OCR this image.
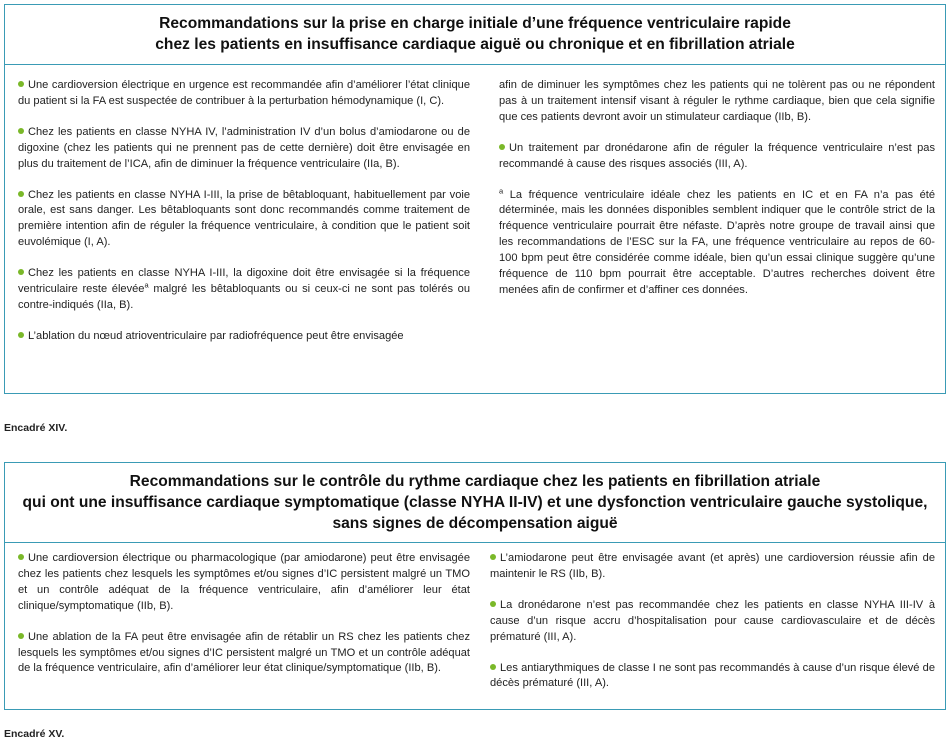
Recommandations sur la prise en charge initiale d’une fréquence ventriculaire rapide
chez les patients en insuffisance cardiaque aiguë ou chronique et en fibrillation atriale

Une cardioversion électrique en urgence est recommandée afin d’améliorer l’état clinique du patient si la FA est suspectée de contribuer à la perturbation hémodynamique (I, C).

Chez les patients en classe NYHA IV, l’administration IV d’un bolus d’amiodarone ou de digoxine (chez les patients qui ne prennent pas de cette dernière) doit être envisagée en plus du traitement de l’ICA, afin de diminuer la fréquence ventriculaire (IIa, B).

Chez les patients en classe NYHA I-III, la prise de bêtabloquant, habituellement par voie orale, est sans danger. Les bêtabloquants sont donc recommandés comme traitement de première intention afin de réguler la fréquence ventriculaire, à condition que le patient soit euvolémique (I, A).

Chez les patients en classe NYHA I-III, la digoxine doit être envisagée si la fréquence ventriculaire reste élevée$^a$ malgré les bêtabloquants ou si ceux-ci ne sont pas tolérés ou contre-indiqués (IIa, B).

L’ablation du nœud atrioventriculaire par radiofréquence peut être envisagée

afin de diminuer les symptômes chez les patients qui ne tolèrent pas ou ne répondent pas à un traitement intensif visant à réguler le rythme cardiaque, bien que cela signifie que ces patients devront avoir un stimulateur cardiaque (IIb, B).

Un traitement par dronédarone afin de réguler la fréquence ventriculaire n’est pas recommandé à cause des risques associés (III, A).

$^a$ La fréquence ventriculaire idéale chez les patients en IC et en FA n’a pas été déterminée, mais les données disponibles semblent indiquer que le contrôle strict de la fréquence ventriculaire pourrait être néfaste. D’après notre groupe de travail ainsi que les recommandations de l’ESC sur la FA, une fréquence ventriculaire au repos de 60-100 bpm peut être considérée comme idéale, bien qu’un essai clinique suggère qu’une fréquence de 110 bpm pourrait être acceptable. D’autres recherches doivent être menées afin de confirmer et d’affiner ces données.

Encadré XIV.
Recommandations sur le contrôle du rythme cardiaque chez les patients en fibrillation atriale
qui ont une insuffisance cardiaque symptomatique (classe NYHA II-IV) et une dysfonction ventriculaire gauche systolique,
sans signes de décompensation aiguë

Une cardioversion électrique ou pharmacologique (par amiodarone) peut être envisagée chez les patients chez lesquels les symptômes et/ou signes d’IC persistent malgré un TMO et un contrôle adéquat de la fréquence ventriculaire, afin d’améliorer leur état clinique/symptomatique (IIb, B).

Une ablation de la FA peut être envisagée afin de rétablir un RS chez les patients chez lesquels les symptômes et/ou signes d’IC persistent malgré un TMO et un contrôle adéquat de la fréquence ventriculaire, afin d’améliorer leur état clinique/symptomatique (IIb, B).

L’amiodarone peut être envisagée avant (et après) une cardioversion réussie afin de maintenir le RS (IIb, B).

La dronédarone n’est pas recommandée chez les patients en classe NYHA III-IV à cause d’un risque accru d’hospitalisation pour cause cardiovasculaire et de décès prématuré (III, A).

Les antiarythmiques de classe I ne sont pas recommandés à cause d’un risque élevé de décès prématuré (III, A).

Encadré XV.
